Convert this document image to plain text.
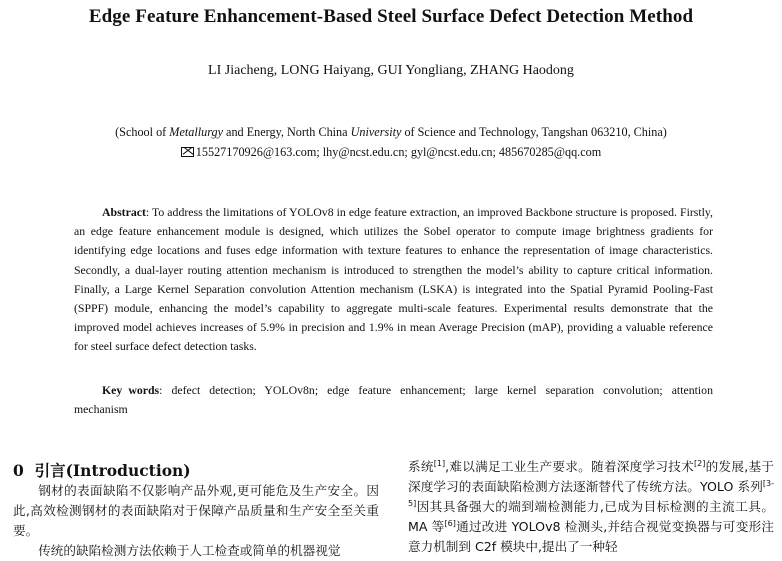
Edge Feature Enhancement-Based Steel Surface Defect Detection Method
LI Jiacheng, LONG Haiyang, GUI Yongliang, ZHANG Haodong
(School of Metallurgy and Energy, North China University of Science and Technology, Tangshan 063210, China)
15527170926@163.com; lhy@ncst.edu.cn; gyl@ncst.edu.cn; 485670285@qq.com
Abstract: To address the limitations of YOLOv8 in edge feature extraction, an improved Backbone structure is proposed. Firstly, an edge feature enhancement module is designed, which utilizes the Sobel operator to compute image brightness gradients for identifying edge locations and fuses edge information with texture features to enhance the representation of image characteristics. Secondly, a dual-layer routing attention mechanism is introduced to strengthen the model’s ability to capture critical information. Finally, a Large Kernel Separation convolution Attention mechanism (LSKA) is integrated into the Spatial Pyramid Pooling-Fast (SPPF) module, enhancing the model’s capability to aggregate multi-scale features. Experimental results demonstrate that the improved model achieves increases of 5.9% in precision and 1.9% in mean Average Precision (mAP), providing a valuable reference for steel surface defect detection tasks.
Key words: defect detection; YOLOv8n; edge feature enhancement; large kernel separation convolution; attention mechanism
0 引言(Introduction)

钢材的表面缺陷不仅影响产品外观,更可能危及生产安全。因此,高效检测钢材的表面缺陷对于保障产品质量和生产安全至关重要。

传统的缺陷检测方法依赖于人工检查或简单的机器视觉

系统[1],难以满足工业生产要求。随着深度学习技术[2]的发展,基于深度学习的表面缺陷检测方法逐渐替代了传统方法。YOLO 系列[3-5]因其具备强大的端到端检测能力,已成为目标检测的主流工具。MA 等[6]通过改进 YOLOv8 检测头,并结合视觉变换器与可变形注意力机制到 C2f 模块中,提出了一种轻
